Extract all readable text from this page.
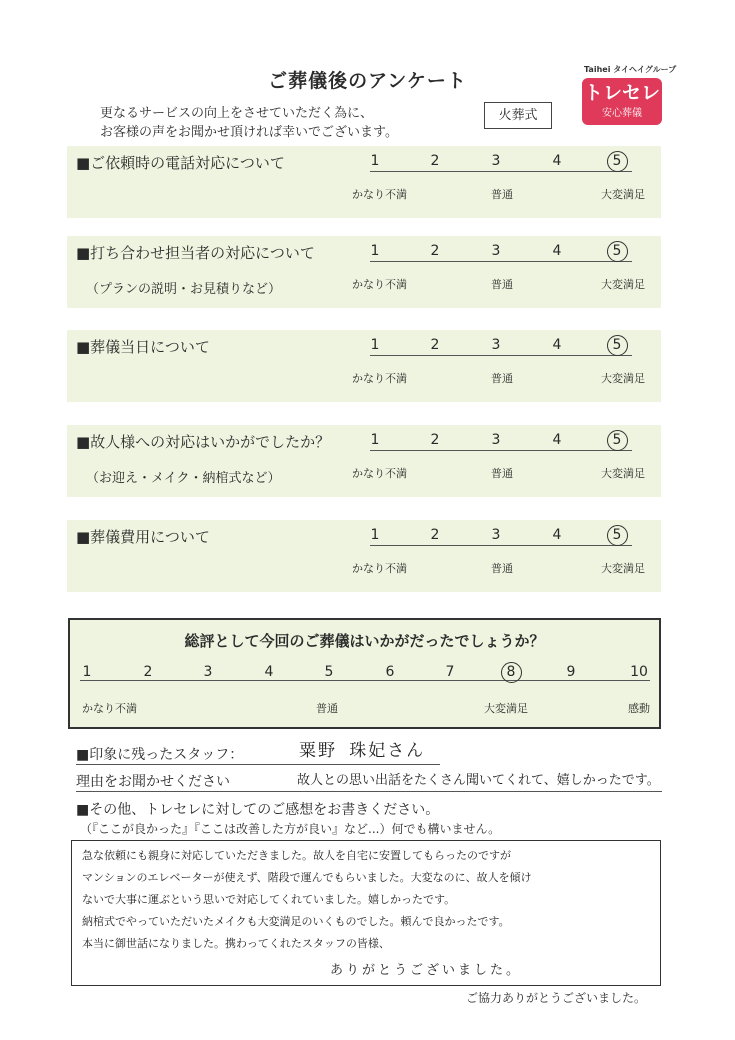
ご葬儀後のアンケート
更なるサービスの向上をさせていただく為に、
お客様の声をお聞かせ頂ければ幸いでございます。
火葬式
Taihei タイヘイグループ
トレセレ
安心葬儀
■ご依頼時の電話対応について	1	2	3	4	5
かなり不満	普通	大変満足
■打ち合わせ担当者の対応について
（プランの説明・お見積りなど）
1	2	3	4	5
かなり不満	普通	大変満足
■葬儀当日について	1	2	3	4	5
かなり不満	普通	大変満足
■故人様への対応はいかがでしたか？
（お迎え・メイク・納棺式など）
1	2	3	4	5
かなり不満	普通	大変満足
■葬儀費用について	1	2	3	4	5
かなり不満	普通	大変満足
総評として今回のご葬儀はいかがだったでしょうか？
1	2	3	4	5	6	7	8	9	10
かなり不満	普通	大変満足	感動
■印象に残ったスタッフ：	粟野 珠妃さん
理由をお聞かせください	故人との思い出話をたくさん聞いてくれて、嬉しかったです。
■その他、トレセレに対してのご感想をお書きください。
（『ここが良かった』『ここは改善した方が良い』など...）何でも構いません。
急な依頼にも親身に対応していただきました。故人を自宅に安置してもらったのですが
マンションのエレベーターが使えず、階段で運んでもらいました。大変なのに、故人を傾け
ないで大事に運ぶという思いで対応してくれていました。嬉しかったです。
納棺式でやっていただいたメイクも大変満足のいくものでした。頼んで良かったです。
本当に御世話になりました。携わってくれたスタッフの皆様、
ありがとうございました。
ご協力ありがとうございました。
